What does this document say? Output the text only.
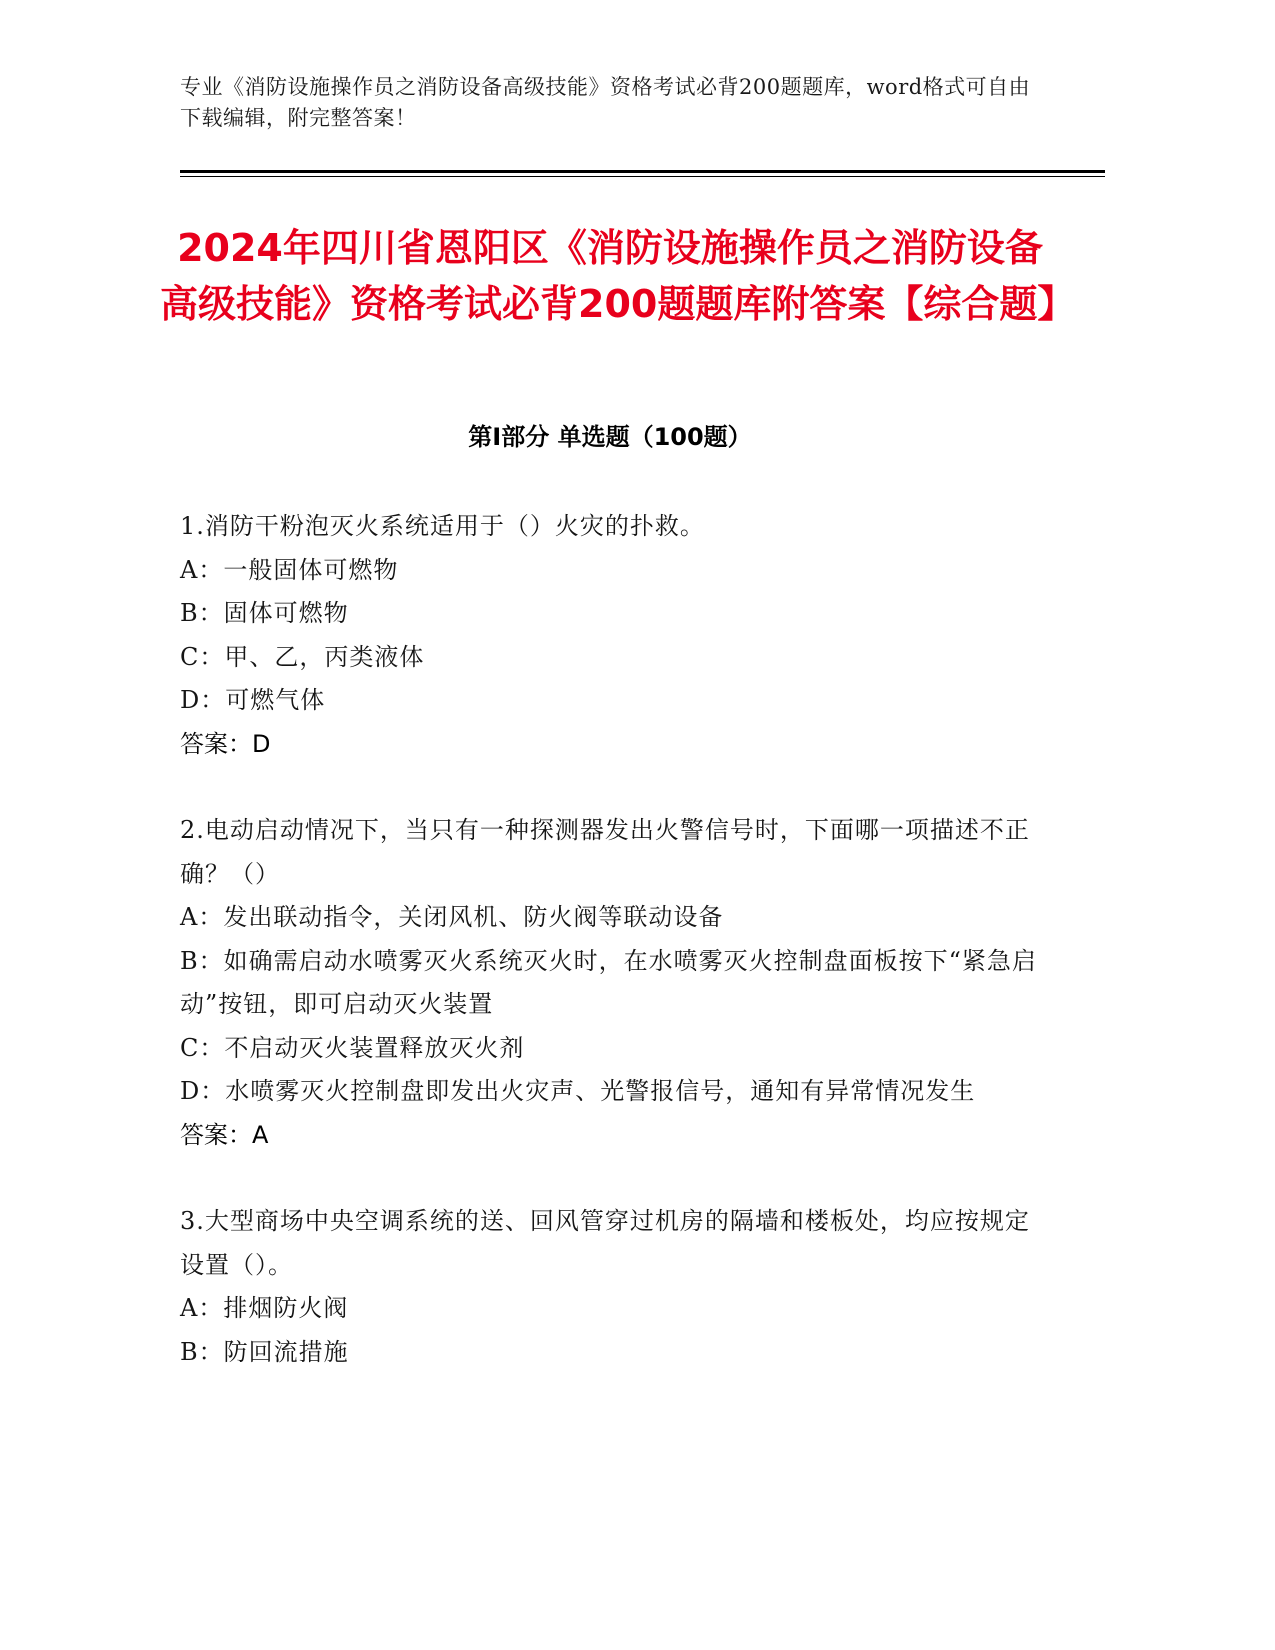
专业《消防设施操作员之消防设备高级技能》资格考试必背200题题库，word格式可自由下载编辑，附完整答案！
2024年四川省恩阳区《消防设施操作员之消防设备高级技能》资格考试必背200题题库附答案【综合题】
第Ⅰ部分 单选题（100题）

1.消防干粉泡灭火系统适用于（）火灾的扑救。

A：一般固体可燃物

B：固体可燃物

C：甲、乙，丙类液体

D：可燃气体

答案：D

2.电动启动情况下，当只有一种探测器发出火警信号时，下面哪一项描述不正确？（）

A：发出联动指令，关闭风机、防火阀等联动设备

B：如确需启动水喷雾灭火系统灭火时，在水喷雾灭火控制盘面板按下“紧急启动”按钮，即可启动灭火装置

C：不启动灭火装置释放灭火剂

D：水喷雾灭火控制盘即发出火灾声、光警报信号，通知有异常情况发生

答案：A

3.大型商场中央空调系统的送、回风管穿过机房的隔墙和楼板处，均应按规定设置（）。

A：排烟防火阀

B：防回流措施
